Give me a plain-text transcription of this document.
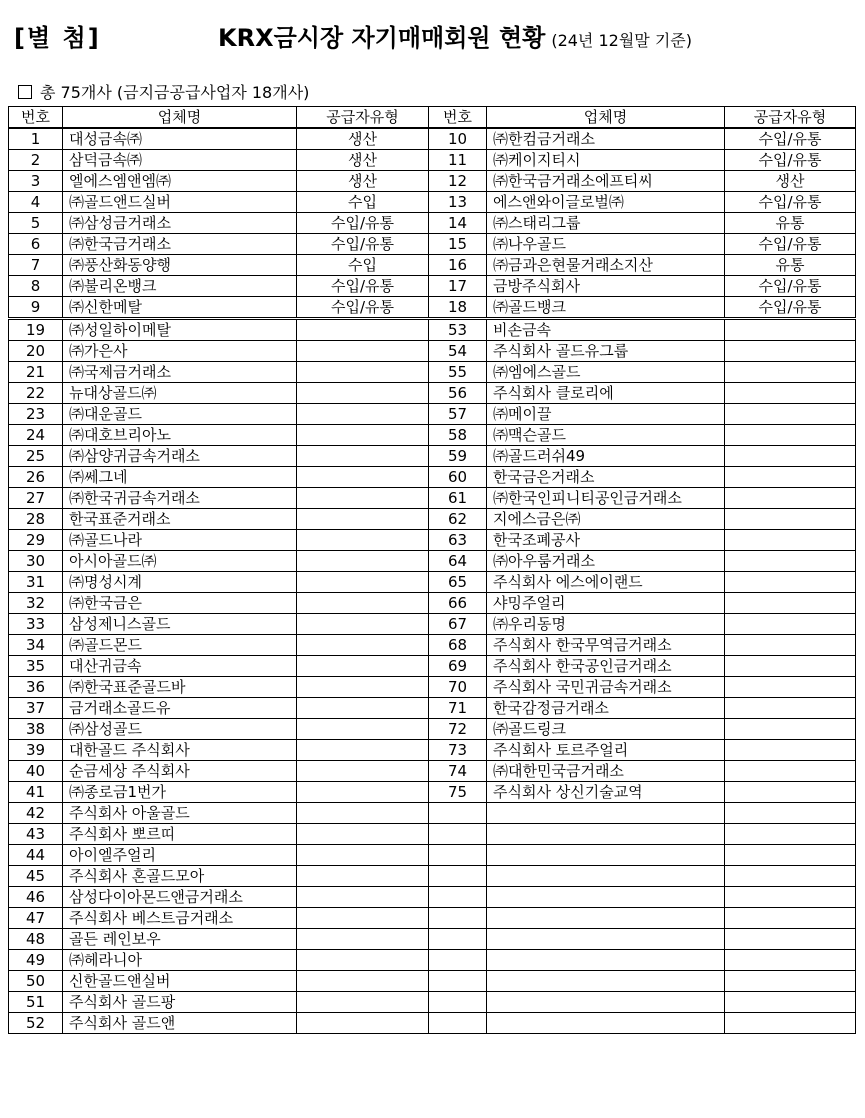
[별 첨]	KRX금시장 자기매매회원 현황 (24년 12월말 기준)
총 75개사 (금지금공급사업자 18개사)
번호	업체명	공급자유형	번호	업체명	공급자유형
1	대성금속㈜	생산	10	㈜한컴금거래소	수입/유통
2	삼덕금속㈜	생산	11	㈜케이지티시	수입/유통
3	엘에스엠앤엠㈜	생산	12	㈜한국금거래소에프티씨	생산
4	㈜골드앤드실버	수입	13	에스앤와이글로벌㈜	수입/유통
5	㈜삼성금거래소	수입/유통	14	㈜스태리그룹	유통
6	㈜한국금거래소	수입/유통	15	㈜나우골드	수입/유통
7	㈜풍산화동양행	수입	16	㈜금과은현물거래소지산	유통
8	㈜불리온뱅크	수입/유통	17	금방주식회사	수입/유통
9	㈜신한메탈	수입/유통	18	㈜골드뱅크	수입/유통
19	㈜성일하이메탈		53	비손금속	
20	㈜가은사		54	주식회사 골드유그룹	
21	㈜국제금거래소		55	㈜엠에스골드	
22	뉴대상골드㈜		56	주식회사 클로리에	
23	㈜대운골드		57	㈜메이끌	
24	㈜대호브리아노		58	㈜맥슨골드	
25	㈜삼양귀금속거래소		59	㈜골드러쉬49	
26	㈜쎄그네		60	한국금은거래소	
27	㈜한국귀금속거래소		61	㈜한국인피니티공인금거래소	
28	한국표준거래소		62	지에스금은㈜	
29	㈜골드나라		63	한국조폐공사	
30	아시아골드㈜		64	㈜아우룸거래소	
31	㈜명성시계		65	주식회사 에스에이랜드	
32	㈜한국금은		66	샤밍주얼리	
33	삼성제니스골드		67	㈜우리동명	
34	㈜골드몬드		68	주식회사 한국무역금거래소	
35	대산귀금속		69	주식회사 한국공인금거래소	
36	㈜한국표준골드바		70	주식회사 국민귀금속거래소	
37	금거래소골드유		71	한국감정금거래소	
38	㈜삼성골드		72	㈜골드링크	
39	대한골드 주식회사		73	주식회사 토르주얼리	
40	순금세상 주식회사		74	㈜대한민국금거래소	
41	㈜종로금1번가		75	주식회사 상신기술교역	
42	주식회사 아울골드				
43	주식회사 뽀르띠				
44	아이엘주얼리				
45	주식회사 혼골드모아				
46	삼성다이아몬드앤금거래소				
47	주식회사 베스트금거래소				
48	골든 레인보우				
49	㈜헤라니아				
50	신한골드앤실버				
51	주식회사 골드팡				
52	주식회사 골드앤				
